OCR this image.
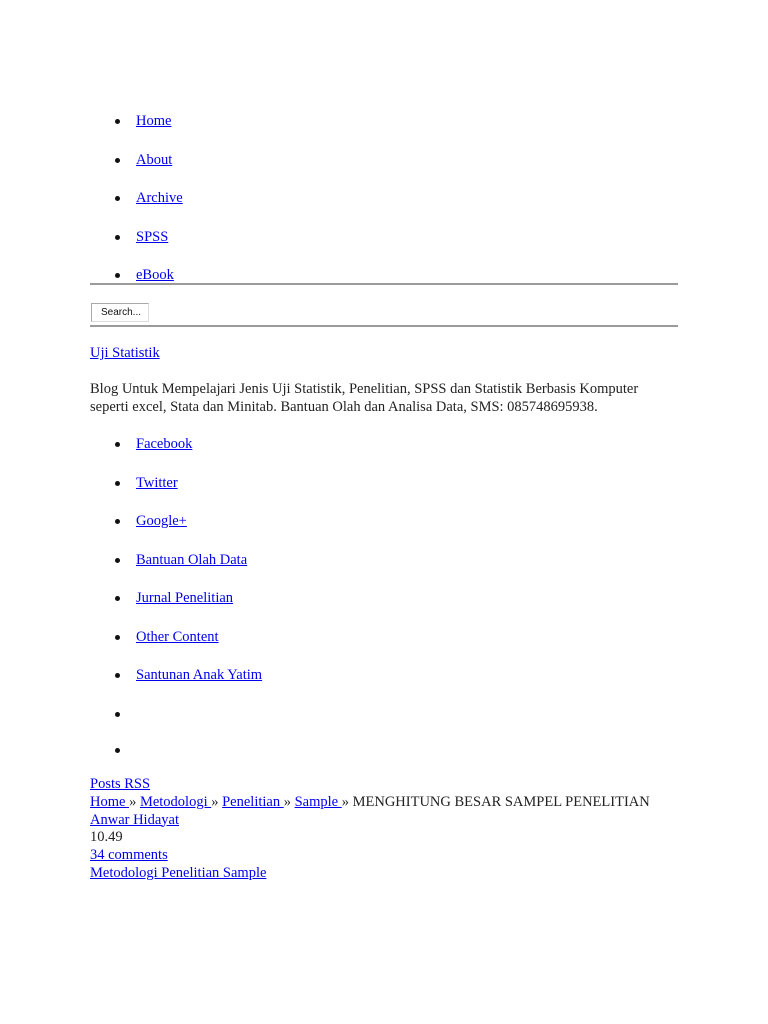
Home
About
Archive
SPSS
eBook
Search...
Uji Statistik

Blog Untuk Mempelajari Jenis Uji Statistik, Penelitian, SPSS dan Statistik Berbasis Komputer seperti excel, Stata dan Minitab. Bantuan Olah dan Analisa Data, SMS: 085748695938.

Facebook
Twitter
Google+
Bantuan Olah Data
Jurnal Penelitian
Other Content
Santunan Anak Yatim
Posts RSS
Home » Metodologi » Penelitian » Sample » MENGHITUNG BESAR SAMPEL PENELITIAN
Anwar Hidayat
10.49
34 comments
Metodologi Penelitian Sample
